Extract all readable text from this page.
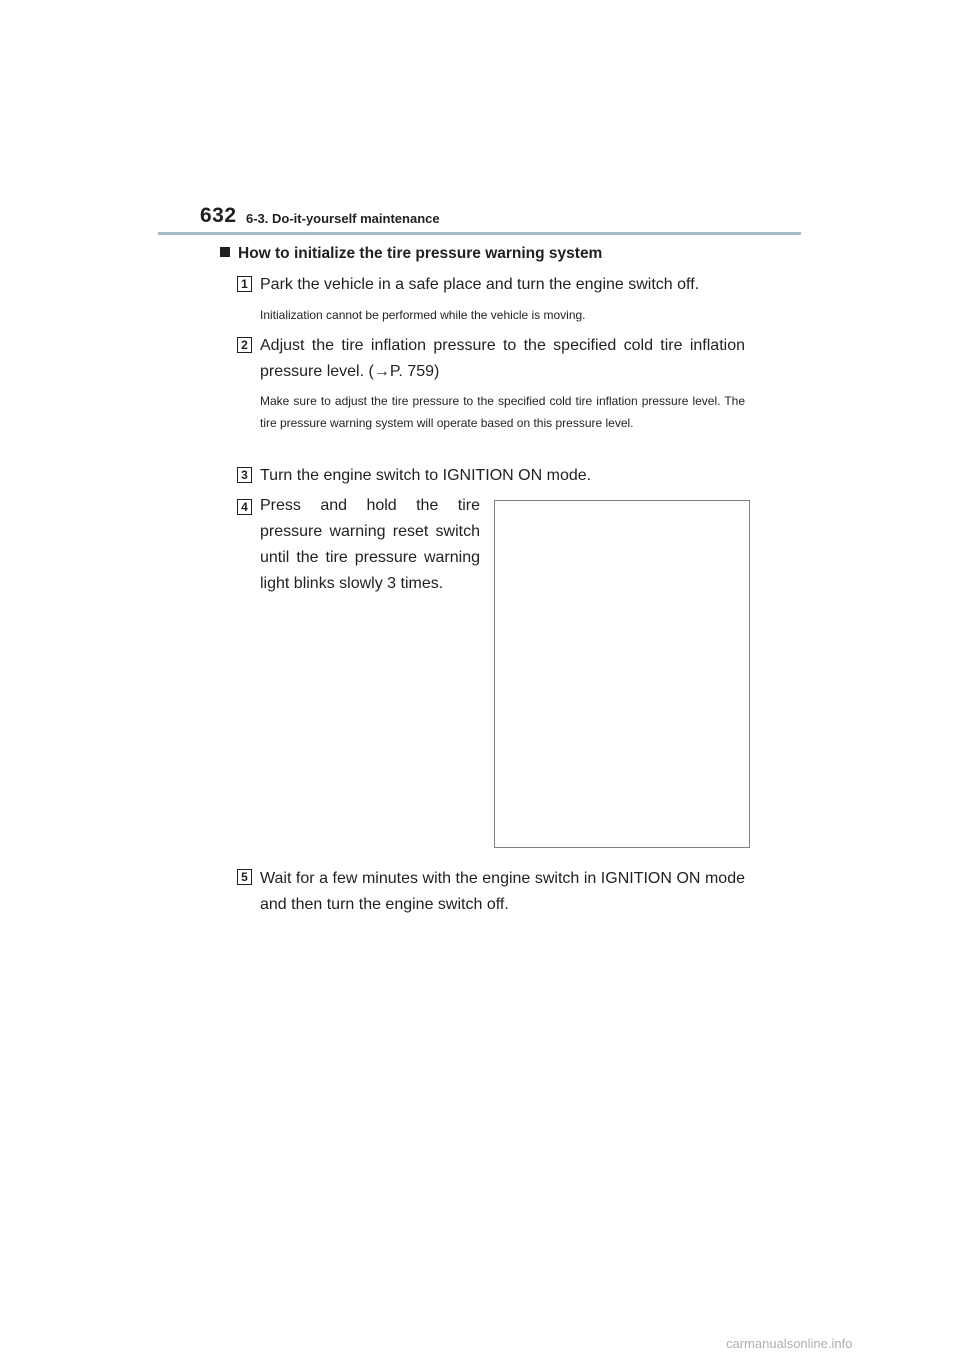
632 6-3. Do-it-yourself maintenance
How to initialize the tire pressure warning system
1 Park the vehicle in a safe place and turn the engine switch off.
Initialization cannot be performed while the vehicle is moving.
2 Adjust the tire inflation pressure to the specified cold tire inflation pressure level. (→P. 759)
Make sure to adjust the tire pressure to the specified cold tire inflation pressure level. The tire pressure warning system will operate based on this pressure level.
3 Turn the engine switch to IGNITION ON mode.
4 Press and hold the tire pressure warning reset switch until the tire pressure warning light blinks slowly 3 times.
5 Wait for a few minutes with the engine switch in IGNITION ON mode and then turn the engine switch off.
carmanualsonline.info
